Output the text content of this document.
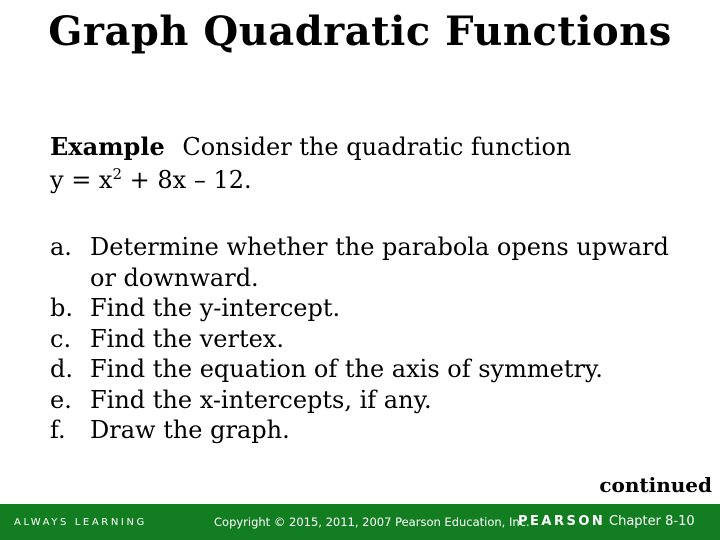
Graph Quadratic Functions
Example Consider the quadratic function
$y = x^2 + 8x - 12$.
a. Determine whether the parabola opens upward or downward.
b. Find the y-intercept.
c. Find the vertex.
d. Find the equation of the axis of symmetry.
e. Find the x-intercepts, if any.
f.	Draw the graph.
continued
ALWAYS LEARNING	Copyright © 2015, 2011, 2007 Pearson Education, Inc.
PEARSON Chapter 8-10
